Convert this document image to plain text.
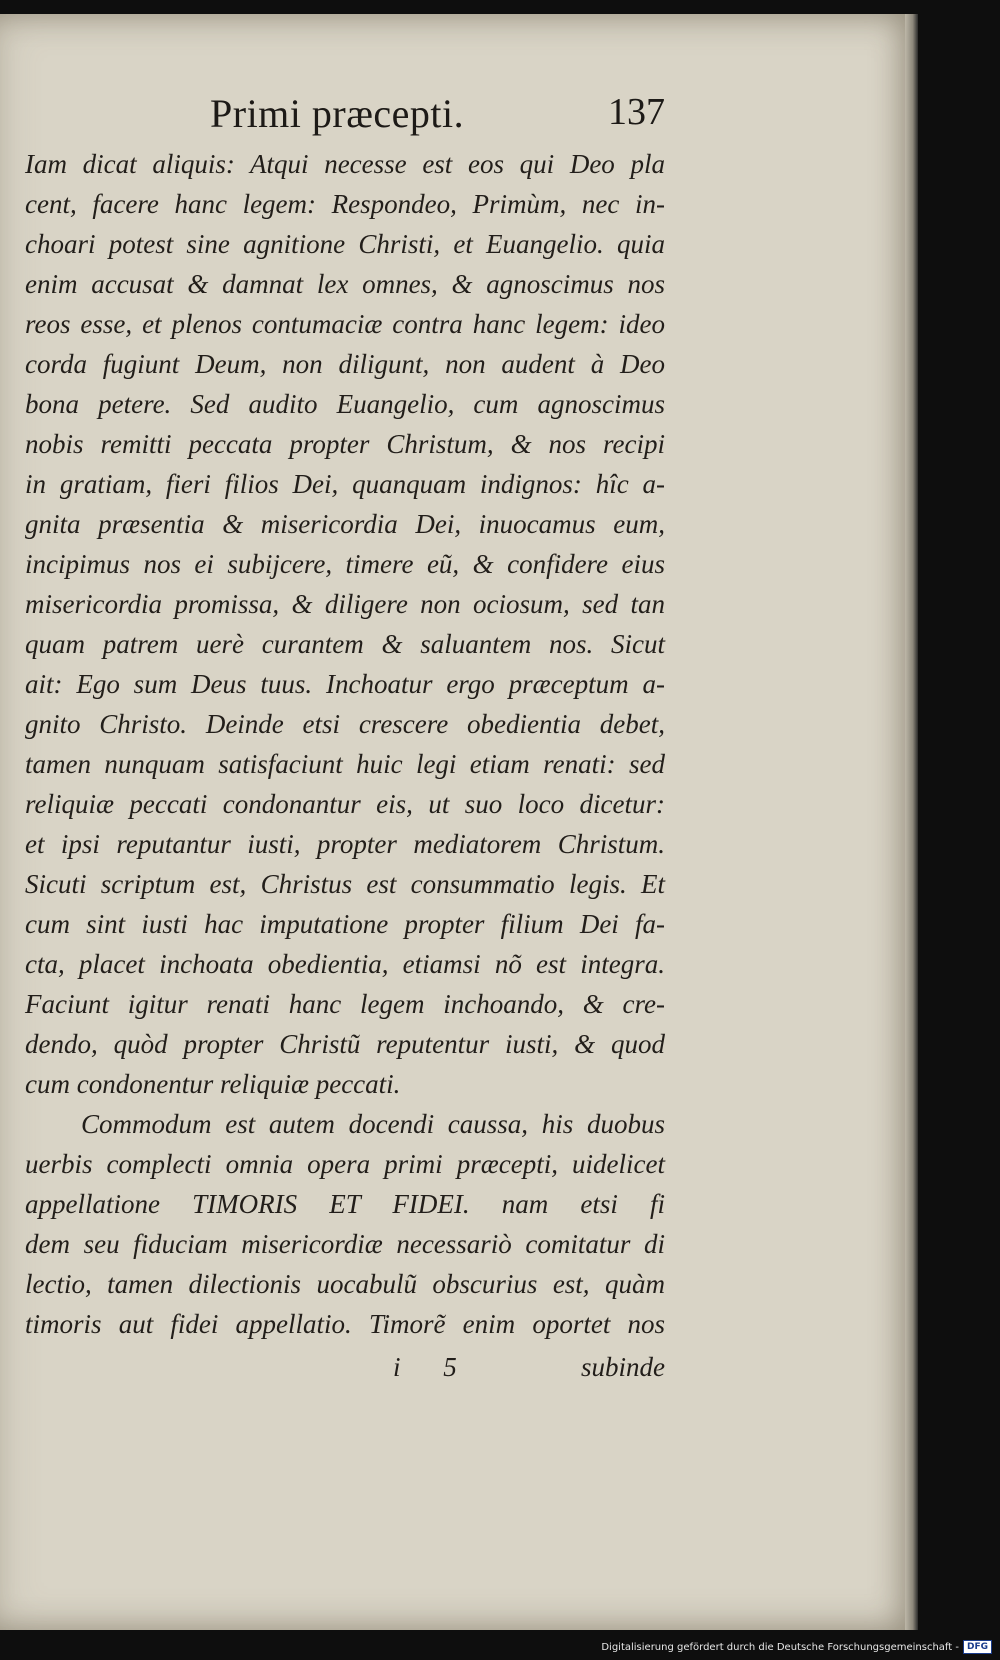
Primi præcepti.	137
Iam dicat aliquis: Atqui necesse est eos qui Deo pla
cent, facere hanc legem: Respondeo, Primùm, nec in-
choari potest sine agnitione Christi, et Euangelio. quia
enim accusat & damnat lex omnes, & agnoscimus nos
reos esse, et plenos contumaciæ contra hanc legem: ideo
corda fugiunt Deum, non diligunt, non audent à Deo
bona petere. Sed audito Euangelio, cum agnoscimus
nobis remitti peccata propter Christum, & nos recipi
in gratiam, fieri filios Dei, quanquam indignos: hîc a-
gnita præsentia & misericordia Dei, inuocamus eum,
incipimus nos ei subijcere, timere eũ, & confidere eius
misericordia promissa, & diligere non ociosum, sed tan
quam patrem uerè curantem & saluantem nos. Sicut
ait: Ego sum Deus tuus. Inchoatur ergo præceptum a-
gnito Christo. Deinde etsi crescere obedientia debet,
tamen nunquam satisfaciunt huic legi etiam renati: sed
reliquiæ peccati condonantur eis, ut suo loco dicetur:
et ipsi reputantur iusti, propter mediatorem Christum.
Sicuti scriptum est, Christus est consummatio legis. Et
cum sint iusti hac imputatione propter filium Dei fa-
cta, placet inchoata obedientia, etiamsi nõ est integra.
Faciunt igitur renati hanc legem inchoando, & cre-
dendo, quòd propter Christũ reputentur iusti, & quod
cum condonentur reliquiæ peccati.
Commodum est autem docendi caussa, his duobus
uerbis complecti omnia opera primi præcepti, uidelicet
appellatione TIMORIS ET FIDEI. nam etsi fi
dem seu fiduciam misericordiæ necessariò comitatur di
lectio, tamen dilectionis uocabulũ obscurius est, quàm
timoris aut fidei appellatio. Timorẽ enim oportet nos
i 5	subinde
Digitalisierung gefördert durch die Deutsche Forschungsgemeinschaft - DFG
